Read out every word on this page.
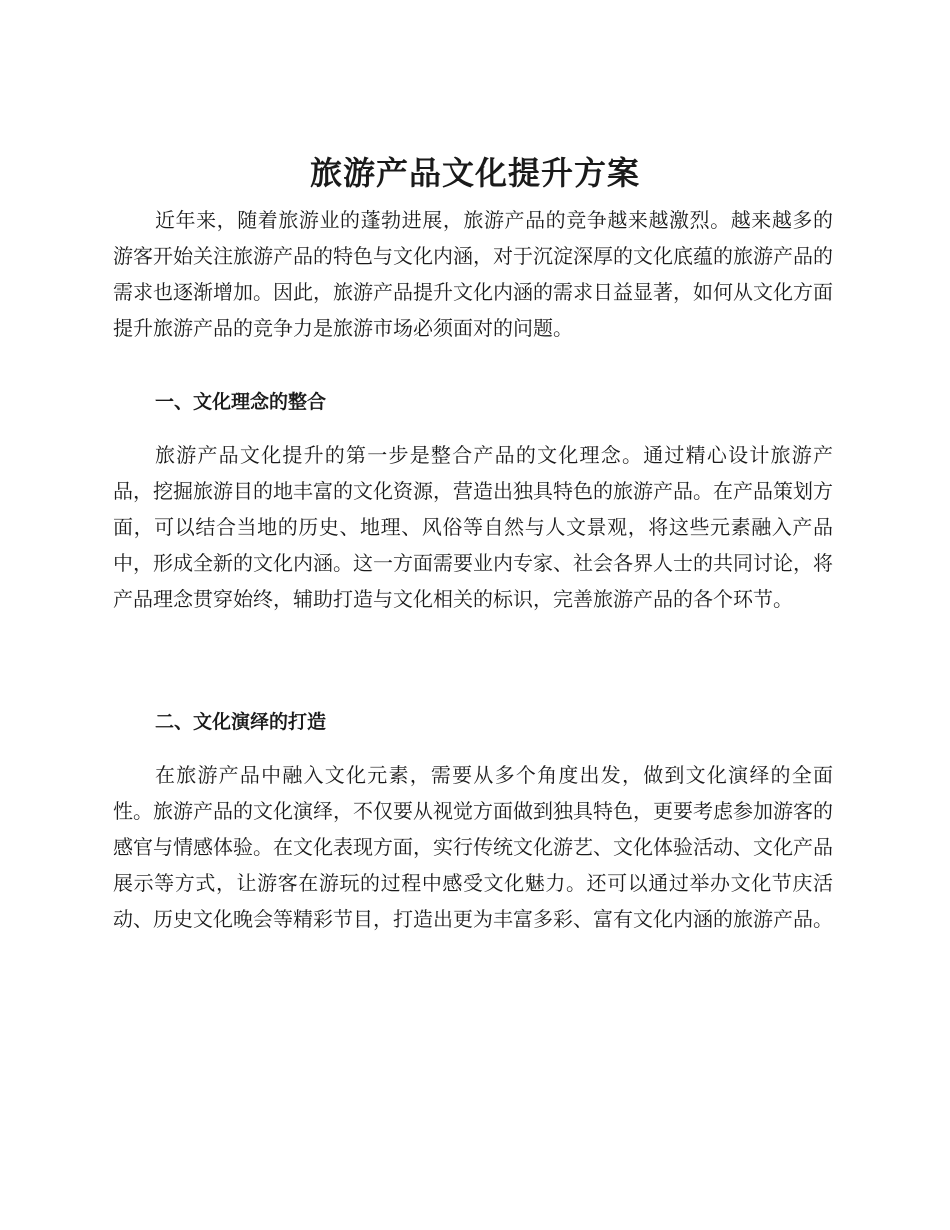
旅游产品文化提升方案

近年来，随着旅游业的蓬勃进展，旅游产品的竞争越来越激烈。越来越多的游客开始关注旅游产品的特色与文化内涵，对于沉淀深厚的文化底蕴的旅游产品的需求也逐渐增加。因此，旅游产品提升文化内涵的需求日益显著，如何从文化方面提升旅游产品的竞争力是旅游市场必须面对的问题。

一、文化理念的整合

旅游产品文化提升的第一步是整合产品的文化理念。通过精心设计旅游产品，挖掘旅游目的地丰富的文化资源，营造出独具特色的旅游产品。在产品策划方面，可以结合当地的历史、地理、风俗等自然与人文景观，将这些元素融入产品中，形成全新的文化内涵。这一方面需要业内专家、社会各界人士的共同讨论，将产品理念贯穿始终，辅助打造与文化相关的标识，完善旅游产品的各个环节。

二、文化演绎的打造

在旅游产品中融入文化元素，需要从多个角度出发，做到文化演绎的全面性。旅游产品的文化演绎，不仅要从视觉方面做到独具特色，更要考虑参加游客的感官与情感体验。在文化表现方面，实行传统文化游艺、文化体验活动、文化产品展示等方式，让游客在游玩的过程中感受文化魅力。还可以通过举办文化节庆活动、历史文化晚会等精彩节目，打造出更为丰富多彩、富有文化内涵的旅游产品。
